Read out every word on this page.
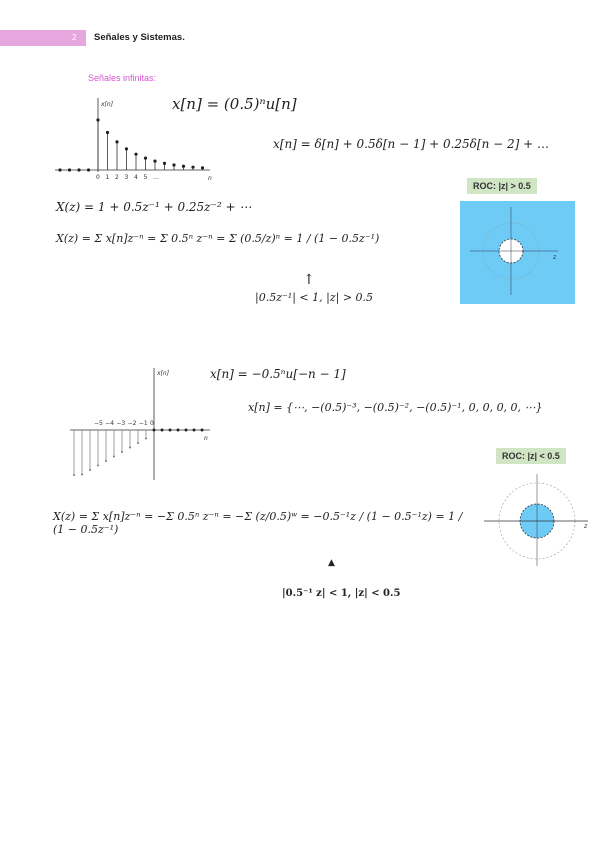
2 Señales y Sistemas.
Señales infinitas:
x[n]
n
0 1 2 3 4 5 …
x[n] = (0.5)ⁿu[n]
x[n] = δ[n] + 0.5δ[n − 1] + 0.25δ[n − 2] + …
X(z) = 1 + 0.5z⁻¹ + 0.25z⁻² + ⋯
X(z) = Σ x[n]z⁻ⁿ = Σ 0.5ⁿ z⁻ⁿ = Σ (0.5/z)ⁿ = 1 / (1 − 0.5z⁻¹)
↑
|0.5z⁻¹| < 1, |z| > 0.5
ROC: |z| > 0.5
z
x[n]
n
−5 −4 −3 −2 −1 0
x[n] = −0.5ⁿu[−n − 1]
x[n] = {⋯, −(0.5)⁻³, −(0.5)⁻², −(0.5)⁻¹, 0, 0, 0, 0, ⋯}
X(z) = Σ x[n]z⁻ⁿ = −Σ 0.5ⁿ z⁻ⁿ = −Σ (z/0.5)ʷ = −0.5⁻¹z / (1 − 0.5⁻¹z) = 1 / (1 − 0.5z⁻¹)
▲
|0.5⁻¹ z| < 1, |z| < 0.5
ROC: |z| < 0.5
z
